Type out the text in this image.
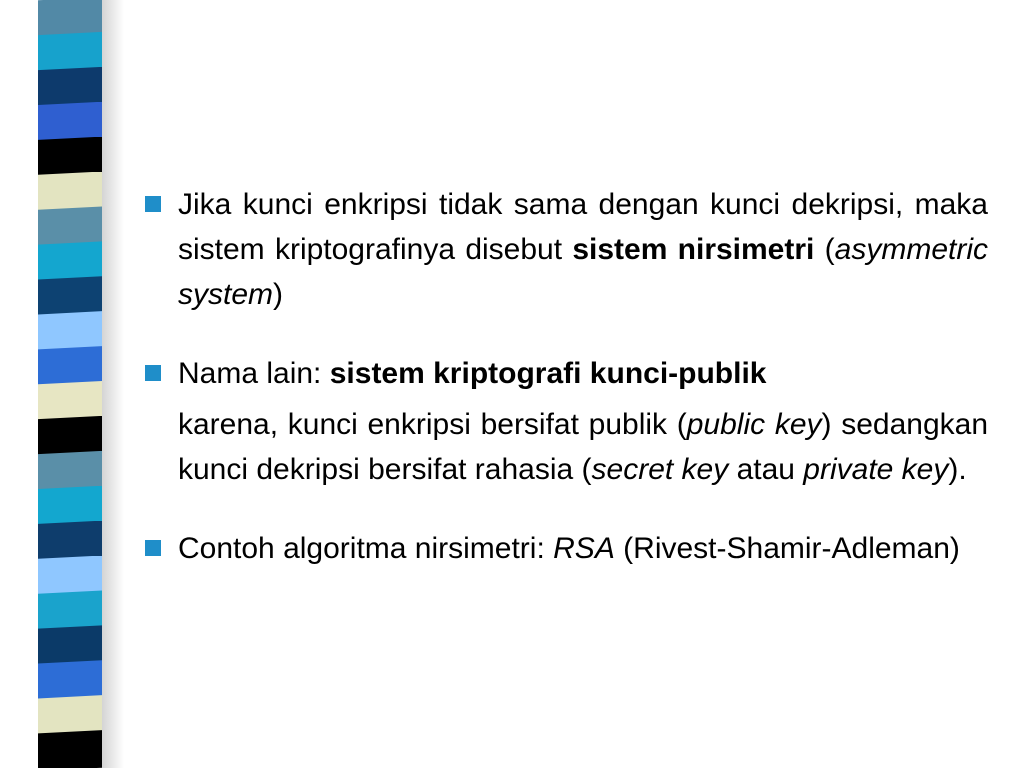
Jika kunci enkripsi tidak sama dengan kunci dekripsi, maka sistem kriptografinya disebut sistem nirsimetri (asymmetric system)
Nama lain: sistem kriptografi kunci-publik
karena, kunci enkripsi bersifat publik (public key) sedangkan kunci dekripsi bersifat rahasia (secret key atau private key).
Contoh algoritma nirsimetri: RSA (Rivest-Shamir-Adleman)
